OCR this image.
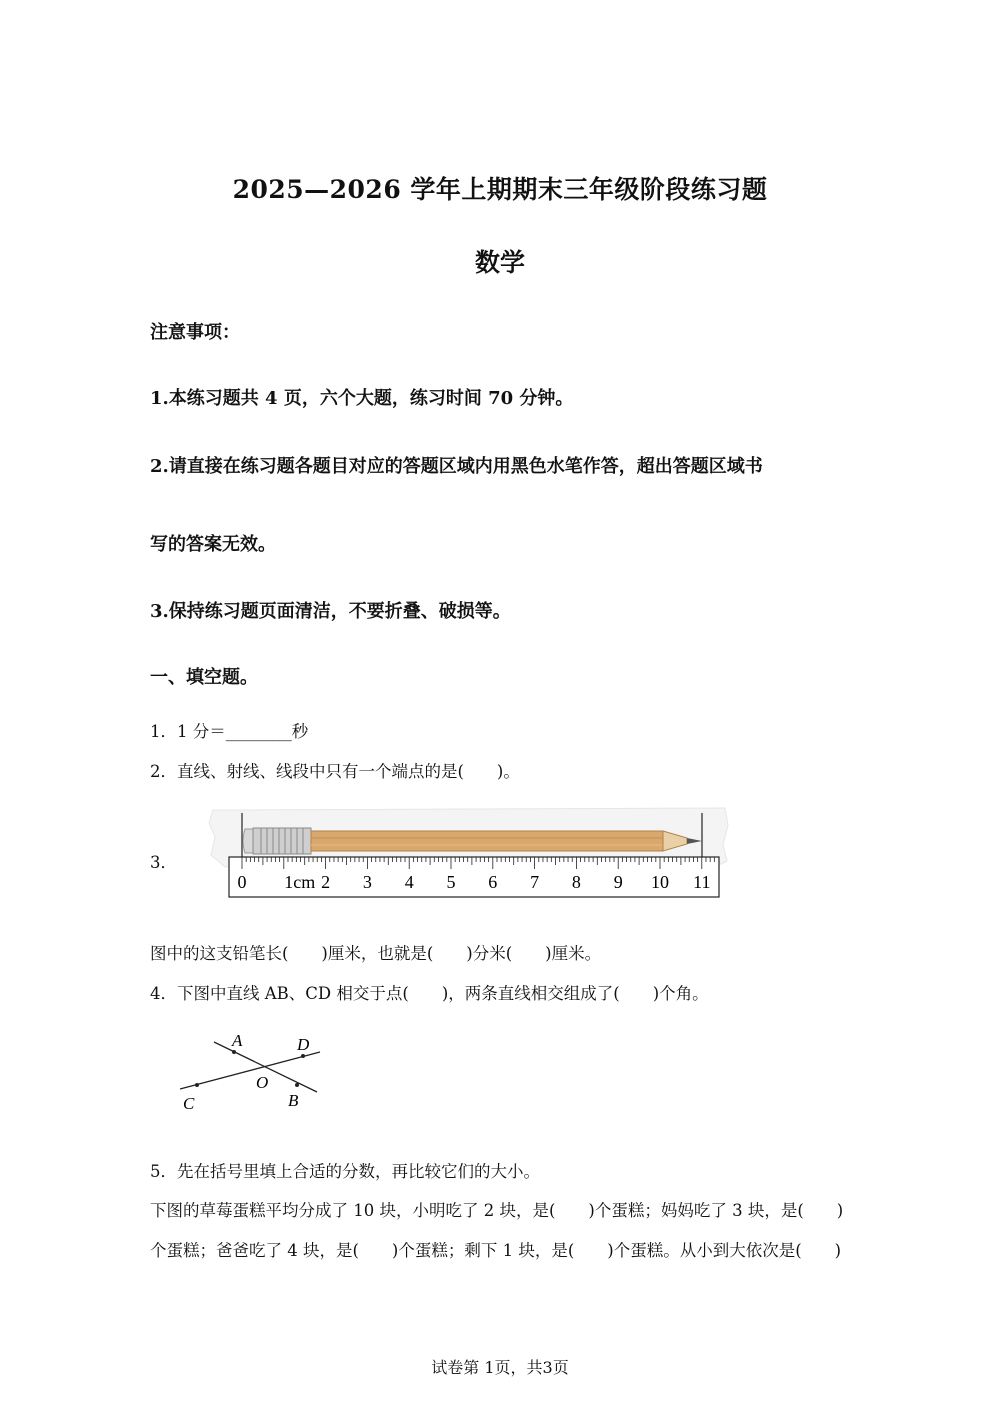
2025—2026 学年上期期末三年级阶段练习题
数学
注意事项：
1.本练习题共 4 页，六个大题，练习时间 70 分钟。
2.请直接在练习题各题目对应的答题区域内用黑色水笔作答，超出答题区域书
写的答案无效。
3.保持练习题页面清洁，不要折叠、破损等。
一、填空题。
1．1 分＝________秒
2．直线、射线、线段中只有一个端点的是(　　)。
3．
0 1cm 2 3 4 5 6 7 8 9 10 11
图中的这支铅笔长(　　)厘米，也就是(　　)分米(　　)厘米。
4．下图中直线 AB、CD 相交于点(　　)，两条直线相交组成了(　　)个角。
A	D
O
C	B
5．先在括号里填上合适的分数，再比较它们的大小。
下图的草莓蛋糕平均分成了 10 块，小明吃了 2 块，是(　　)个蛋糕；妈妈吃了 3 块，是(　　)
个蛋糕；爸爸吃了 4 块，是(　　)个蛋糕；剩下 1 块，是(　　)个蛋糕。从小到大依次是(　　)
试卷第 1页，共3页
